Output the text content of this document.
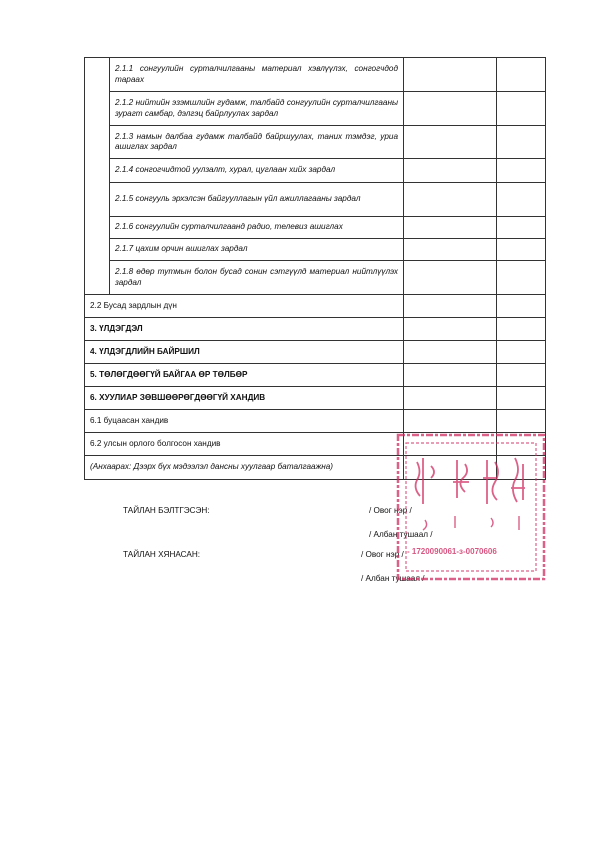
	2.1.1 сонгуулийн сурталчилгааны материал хэвлүүлэх, сонгогчдод тараах		
	2.1.2 нийтийн эзэмшлийн гудамж, талбайд сонгуулийн сурталчилгааны зурагт самбар, дэлгэц байрлуулах зардал		
	2.1.3 намын далбаа гудамж талбайд байршуулах, таних тэмдэг, уриа ашиглах зардал		
	2.1.4 сонгогчидтой уулзалт, хурал, цуглаан хийх зардал		
	2.1.5 сонгууль эрхэлсэн байгууллагын үйл ажиллагааны зардал		
	2.1.6 сонгуулийн сурталчилгаанд радио, телевиз ашиглах		
	2.1.7 цахим орчин ашиглах зардал		
	2.1.8 өдөр тутмын болон бусад сонин сэтгүүлд материал нийтлүүлэх зардал		
2.2 Бусад зардлын дүн			
3. ҮЛДЭГДЭЛ			
4. ҮЛДЭГДЛИЙН БАЙРШИЛ			
5. ТӨЛӨГДӨӨГҮЙ БАЙГАА ӨР ТӨЛБӨР			
6. ХУУЛИАР ЗӨВШӨӨРӨГДӨӨГҮЙ ХАНДИВ			
6.1 буцаасан хандив			
6.2 улсын орлого болгосон хандив			
(Анхаарах: Дээрх бүх мэдээлэл дансны хуулгаар баталгаажна)			
ТАЙЛАН БЭЛТГЭСЭН:	/ Овог нэр /
/ Албан тушаал /
ТАЙЛАН ХЯНАСАН:	/ Овог нэр /
/ Албан тушаал /
- 1720090061-з-0070606
